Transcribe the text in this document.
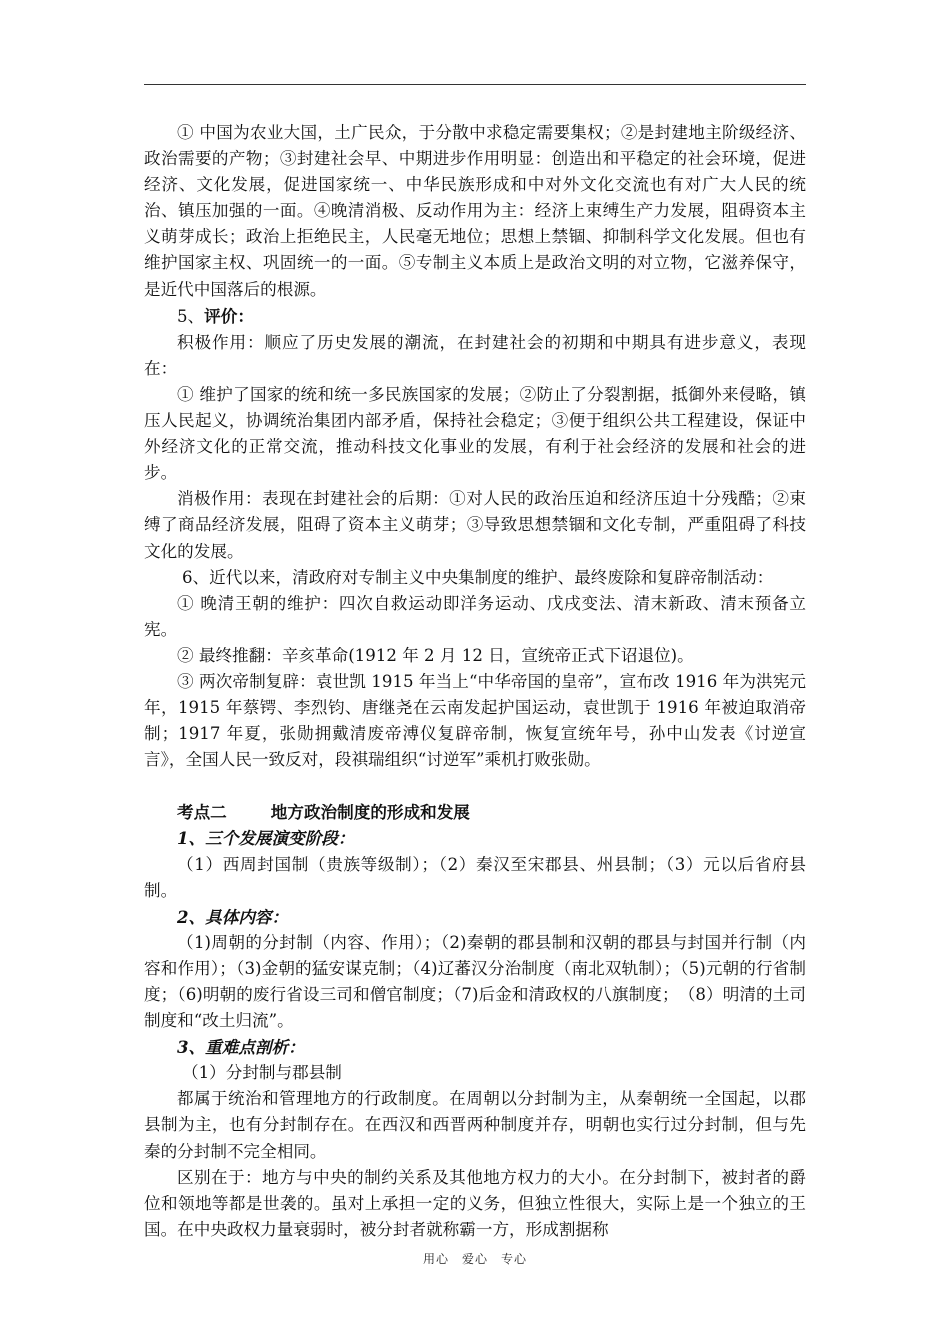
① 中国为农业大国，土广民众，于分散中求稳定需要集权；②是封建地主阶级经济、政治需要的产物；③封建社会早、中期进步作用明显：创造出和平稳定的社会环境，促进经济、文化发展，促进国家统一、中华民族形成和中对外文化交流也有对广大人民的统治、镇压加强的一面。④晚清消极、反动作用为主：经济上束缚生产力发展，阻碍资本主义萌芽成长；政治上拒绝民主，人民毫无地位；思想上禁锢、抑制科学文化发展。但也有维护国家主权、巩固统一的一面。⑤专制主义本质上是政治文明的对立物，它滋养保守，是近代中国落后的根源。

5、评价：

积极作用：顺应了历史发展的潮流，在封建社会的初期和中期具有进步意义，表现在：

① 维护了国家的统和统一多民族国家的发展；②防止了分裂割据，抵御外来侵略，镇压人民起义，协调统治集团内部矛盾，保持社会稳定；③便于组织公共工程建设，保证中外经济文化的正常交流，推动科技文化事业的发展，有利于社会经济的发展和社会的进步。

消极作用：表现在封建社会的后期：①对人民的政治压迫和经济压迫十分残酷；②束缚了商品经济发展，阻碍了资本主义萌芽；③导致思想禁锢和文化专制，严重阻碍了科技文化的发展。

6、近代以来，清政府对专制主义中央集制度的维护、最终废除和复辟帝制活动：

① 晚清王朝的维护：四次自救运动即洋务运动、戊戌变法、清末新政、清末预备立宪。

② 最终推翻：辛亥革命(1912 年 2 月 12 日，宣统帝正式下诏退位)。

③ 两次帝制复辟：袁世凯 1915 年当上“中华帝国的皇帝”，宣布改 1916 年为洪宪元年，1915 年蔡锷、李烈钧、唐继尧在云南发起护国运动，袁世凯于 1916 年被迫取消帝制；1917 年夏，张勋拥戴清废帝溥仪复辟帝制，恢复宣统年号，孙中山发表《讨逆宣言》，全国人民一致反对，段祺瑞组织“讨逆军”乘机打败张勋。

考点二	地方政治制度的形成和发展

1、三个发展演变阶段：

（1）西周封国制（贵族等级制）；（2）秦汉至宋郡县、州县制；（3）元以后省府县制。

2、具体内容：

（1)周朝的分封制（内容、作用）；（2)秦朝的郡县制和汉朝的郡县与封国并行制（内容和作用）；（3)金朝的猛安谋克制；（4)辽蕃汉分治制度（南北双轨制）；（5)元朝的行省制度；（6)明朝的废行省设三司和僧官制度；（7)后金和清政权的八旗制度；　（8）明清的土司制度和“改土归流”。

3、重难点剖析：

（1）分封制与郡县制

都属于统治和管理地方的行政制度。在周朝以分封制为主，从秦朝统一全国起，以郡县制为主，也有分封制存在。在西汉和西晋两种制度并存，明朝也实行过分封制，但与先秦的分封制不完全相同。

区别在于：地方与中央的制约关系及其他地方权力的大小。在分封制下，被封者的爵位和领地等都是世袭的。虽对上承担一定的义务，但独立性很大，实际上是一个独立的王国。在中央政权力量衰弱时，被分封者就称霸一方，形成割据称

用心　爱心　专心
